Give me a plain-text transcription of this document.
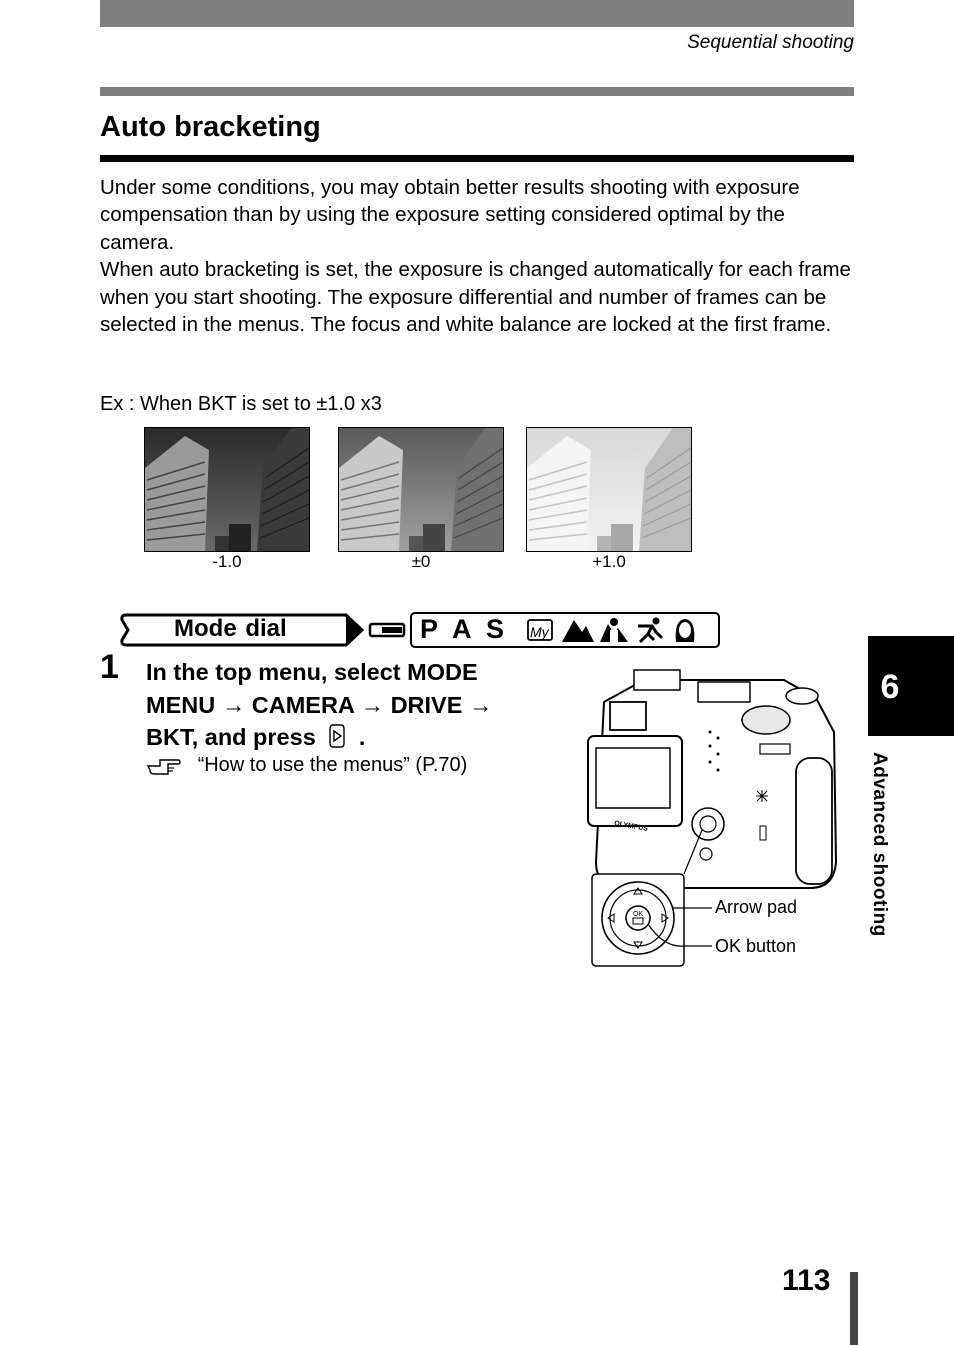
Sequential shooting
Auto bracketing

Under some conditions, you may obtain better results shooting with exposure compensation than by using the exposure setting considered optimal by the camera.

When auto bracketing is set, the exposure is changed automatically for each frame when you start shooting. The exposure differential and number of frames can be selected in the menus. The focus and white balance are locked at the first frame.

Ex : When BKT is set to ±1.0 x3
-1.0	±0	+1.0
Mode dial	P A S My
1 In the top menu, select MODE
MENU → CAMERA → DRIVE →
BKT, and press .
“How to use the menus” (P.70)
OLYMPUS
OK	Arrow pad
OK button
6
Advanced shooting
113
